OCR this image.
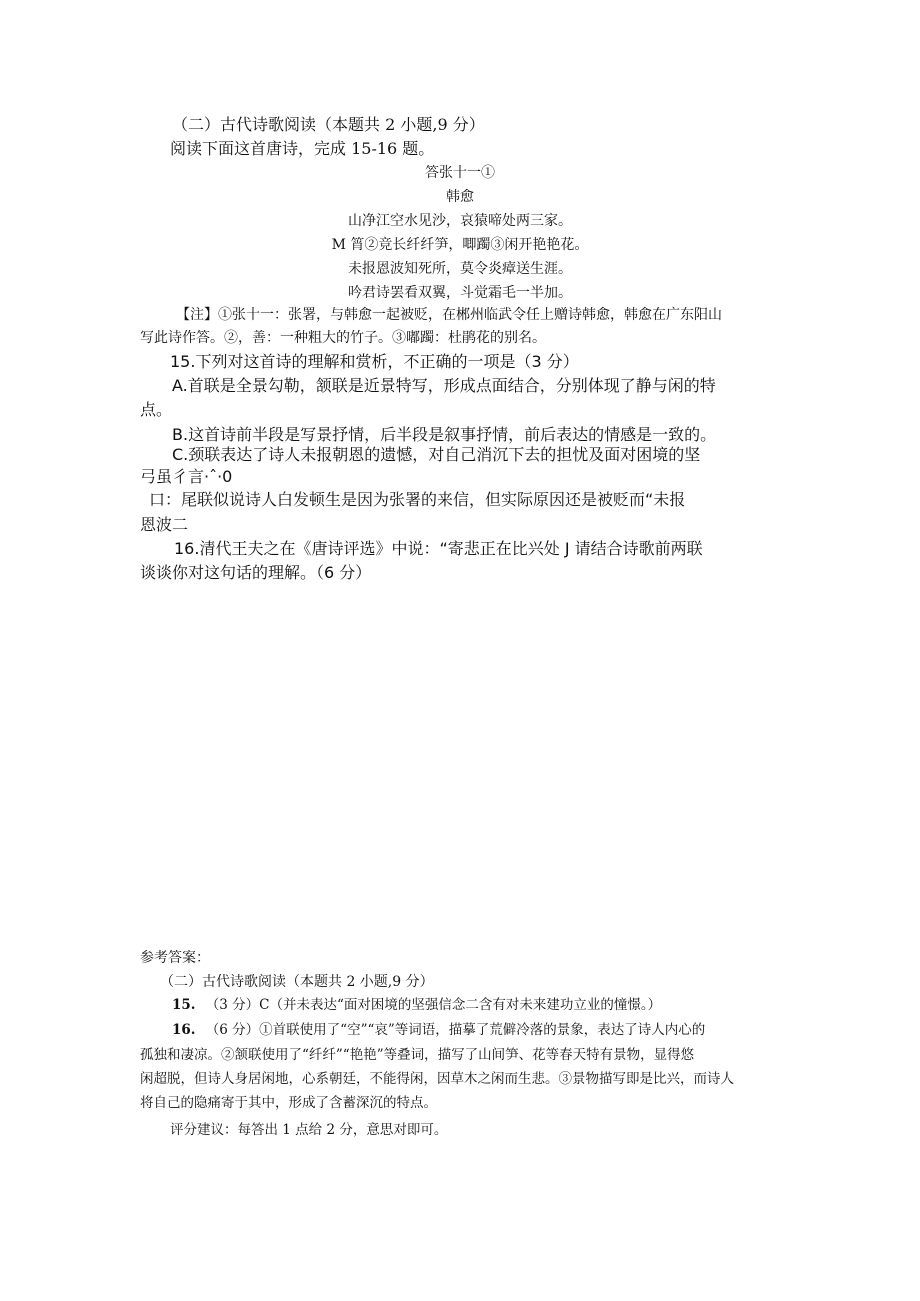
（二）古代诗歌阅读（本题共 2 小题,9 分）
阅读下面这首唐诗，完成 15-16 题。
答张十一①
韩愈
山净江空水见沙，哀猿啼处两三家。
M 筲②竞长纤纤笋，唧躅③闲开艳艳花。
未报恩波知死所，莫令炎瘴送生涯。
吟君诗罢看双翼，斗觉霜毛一半加。
【注】①张十一：张署，与韩愈一起被贬，在郴州临武令任上赠诗韩愈，韩愈在广东阳山
写此诗作答。②，善：一种粗大的竹子。③嘟躅：杜鹃花的别名。
15.下列对这首诗的理解和赏析，不正确的一项是（3 分）
A.首联是全景勾勒，颔联是近景特写，形成点面结合，分别体现了静与闲的特
点。
B.这首诗前半段是写景抒情，后半段是叙事抒情，前后表达的情感是一致的。
C.颈联表达了诗人未报朝恩的遗憾，对自己消沉下去的担忧及面对困境的坚
弓虽彳言·ˆ·0
口：尾联似说诗人白发顿生是因为张署的来信，但实际原因还是被贬而“未报
恩波二
16.清代王夫之在《唐诗评选》中说：“寄悲正在比兴处 J 请结合诗歌前两联
谈谈你对这句话的理解。（6 分）
参考答案：
（二）古代诗歌阅读（本题共 2 小题,9 分）
15. （3 分）C（并未表达“面对困境的坚强信念二含有对未来建功立业的憧憬。）
16. （6 分）①首联使用了“空”“哀”等词语，描摹了荒僻冷落的景象，表达了诗人内心的
孤独和凄凉。②颔联使用了“纤纤”“艳艳”等叠词，描写了山间笋、花等春天特有景物，显得悠
闲超脱，但诗人身居闲地，心系朝廷，不能得闲，因草木之闲而生悲。③景物描写即是比兴，而诗人
将自己的隐痛寄于其中，形成了含蓄深沉的特点。
评分建议：每答出 1 点给 2 分，意思对即可。
